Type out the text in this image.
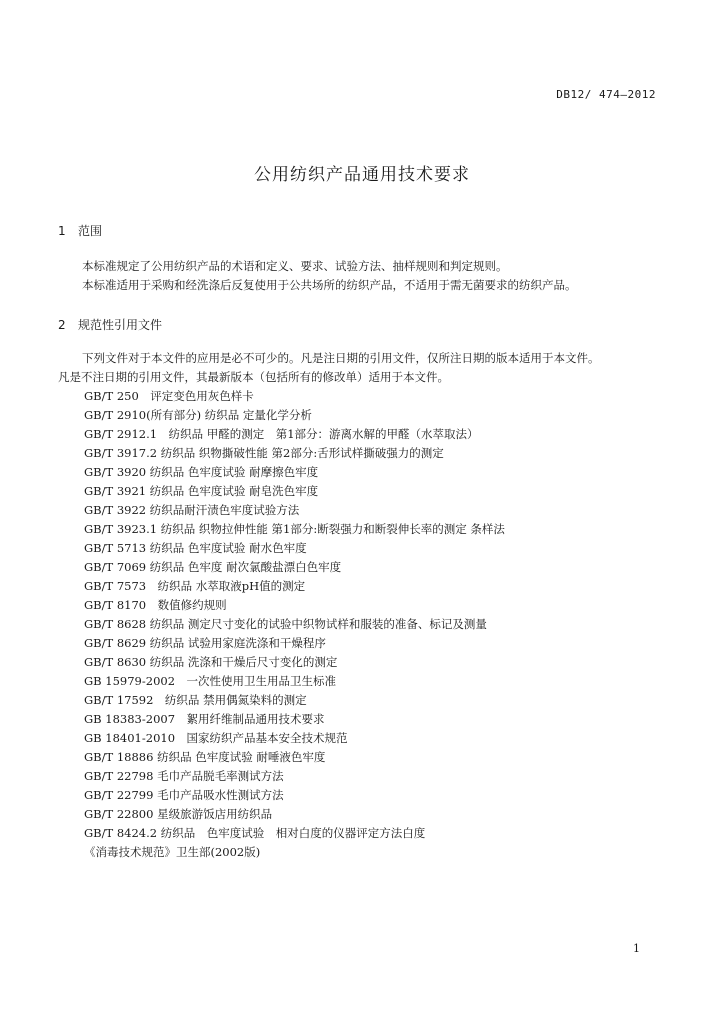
DB12/ 474—2012
公用纺织产品通用技术要求
1 范围
本标准规定了公用纺织产品的术语和定义、要求、试验方法、抽样规则和判定规则。
本标准适用于采购和经洗涤后反复使用于公共场所的纺织产品，不适用于需无菌要求的纺织产品。
2 规范性引用文件
下列文件对于本文件的应用是必不可少的。凡是注日期的引用文件，仅所注日期的版本适用于本文件。
凡是不注日期的引用文件，其最新版本（包括所有的修改单）适用于本文件。
GB/T 250　评定变色用灰色样卡
GB/T 2910(所有部分) 纺织品 定量化学分析
GB/T 2912.1　纺织品 甲醛的测定　第1部分：游离水解的甲醛（水萃取法）
GB/T 3917.2 纺织品 织物撕破性能 第2部分:舌形试样撕破强力的测定
GB/T 3920 纺织品 色牢度试验 耐摩擦色牢度
GB/T 3921 纺织品 色牢度试验 耐皂洗色牢度
GB/T 3922 纺织品耐汗渍色牢度试验方法
GB/T 3923.1 纺织品 织物拉伸性能 第1部分:断裂强力和断裂伸长率的测定 条样法
GB/T 5713 纺织品 色牢度试验 耐水色牢度
GB/T 7069 纺织品 色牢度 耐次氯酸盐漂白色牢度
GB/T 7573　纺织品 水萃取液pH值的测定
GB/T 8170　数值修约规则
GB/T 8628 纺织品 测定尺寸变化的试验中织物试样和服装的准备、标记及测量
GB/T 8629 纺织品 试验用家庭洗涤和干燥程序
GB/T 8630 纺织品 洗涤和干燥后尺寸变化的测定
GB 15979-2002　一次性使用卫生用品卫生标准
GB/T 17592　纺织品 禁用偶氮染料的测定
GB 18383-2007　絮用纤维制品通用技术要求
GB 18401-2010　国家纺织产品基本安全技术规范
GB/T 18886 纺织品 色牢度试验 耐唾液色牢度
GB/T 22798 毛巾产品脱毛率测试方法
GB/T 22799 毛巾产品吸水性测试方法
GB/T 22800 星级旅游饭店用纺织品
GB/T 8424.2 纺织品　色牢度试验　相对白度的仪器评定方法白度
《消毒技术规范》卫生部(2002版)
1
